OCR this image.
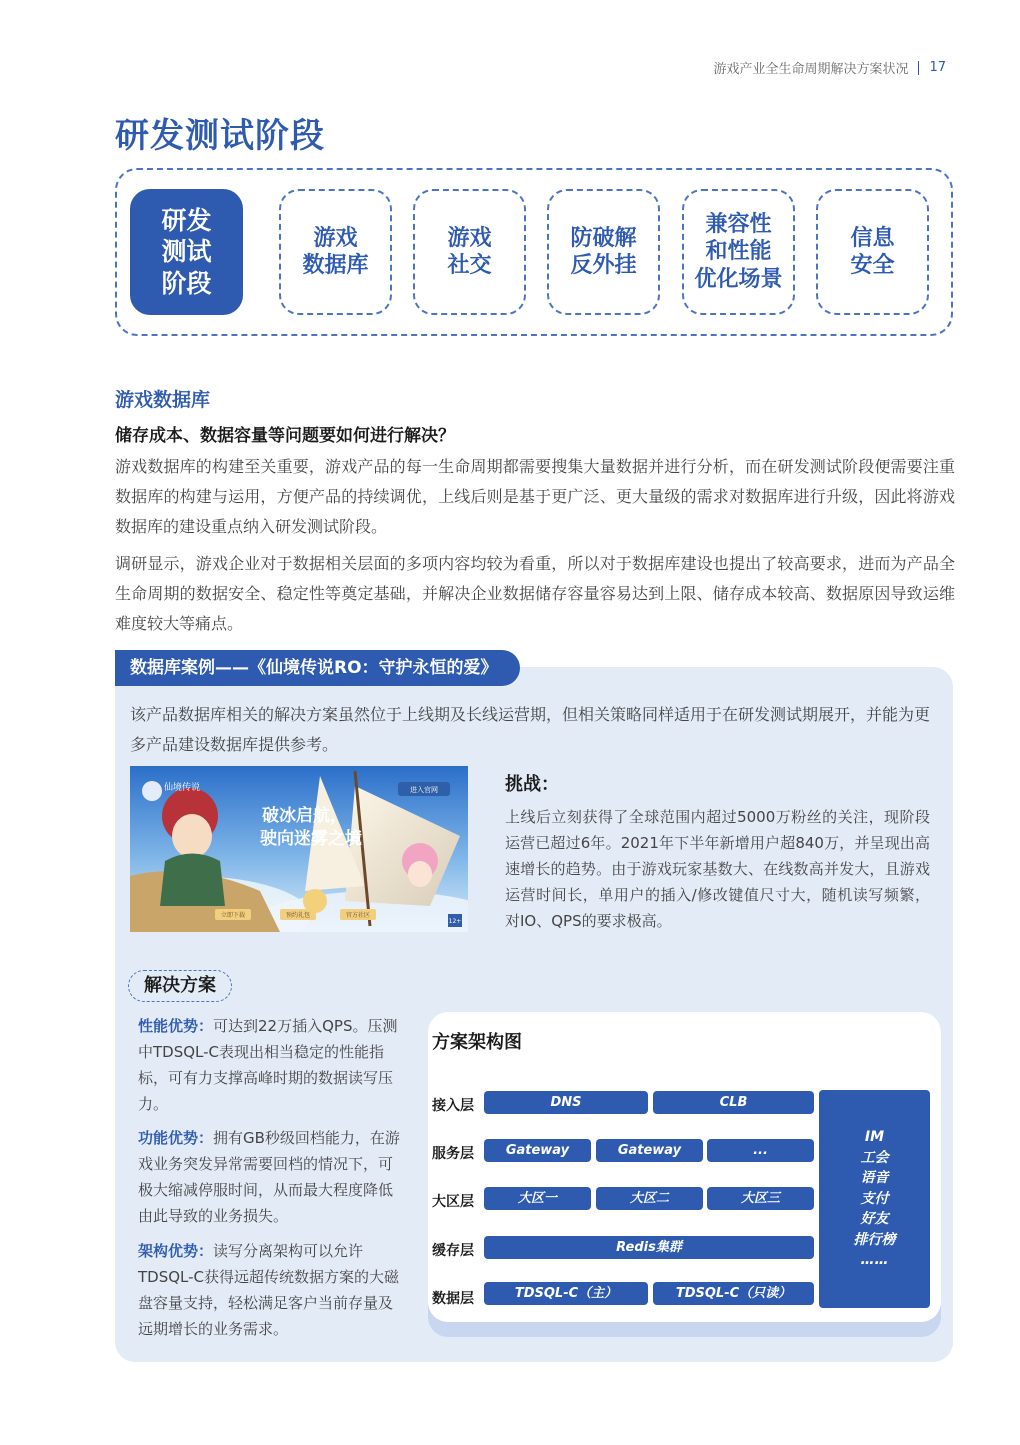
游戏产业全生命周期解决方案状况 17
研发测试阶段
研发
测试
阶段
游戏
数据库
游戏
社交
防破解
反外挂
兼容性
和性能
优化场景
信息
安全
游戏数据库
储存成本、数据容量等问题要如何进行解决？

游戏数据库的构建至关重要，游戏产品的每一生命周期都需要搜集大量数据并进行分析，而在研发测试阶段便需要注重数据库的构建与运用，方便产品的持续调优，上线后则是基于更广泛、更大量级的需求对数据库进行升级，因此将游戏数据库的建设重点纳入研发测试阶段。

调研显示，游戏企业对于数据相关层面的多项内容均较为看重，所以对于数据库建设也提出了较高要求，进而为产品全生命周期的数据安全、稳定性等奠定基础，并解决企业数据储存容量容易达到上限、储存成本较高、数据原因导致运维难度较大等痛点。

数据库案例——《仙境传说RO：守护永恒的爱》

该产品数据库相关的解决方案虽然位于上线期及长线运营期，但相关策略同样适用于在研发测试期展开，并能为更多产品建设数据库提供参考。

仙境传说
破冰启航，
驶向迷雾之境
进入官网
立即下载	预约礼包	官方社区
12+
挑战：

上线后立刻获得了全球范围内超过5000万粉丝的关注，现阶段运营已超过6年。2021年下半年新增用户超840万，并呈现出高速增长的趋势。由于游戏玩家基数大、在线数高并发大，且游戏运营时间长，单用户的插入/修改键值尺寸大，随机读写频繁，对IO、QPS的要求极高。

解决方案

性能优势：可达到22万插入QPS。压测中TDSQL-C表现出相当稳定的性能指标，可有力支撑高峰时期的数据读写压力。

功能优势：拥有GB秒级回档能力，在游戏业务突发异常需要回档的情况下，可极大缩减停服时间，从而最大程度降低由此导致的业务损失。

架构优势：读写分离架构可以允许TDSQL-C获得远超传统数据方案的大磁盘容量支持，轻松满足客户当前存量及远期增长的业务需求。

方案架构图
接入层	DNS	CLB
服务层	Gateway	Gateway	...
大区层	大区一	大区二	大区三
缓存层	Redis集群
数据层	TDSQL-C（主）	TDSQL-C（只读）
IM
工会
语音
支付
好友
排行榜
……
